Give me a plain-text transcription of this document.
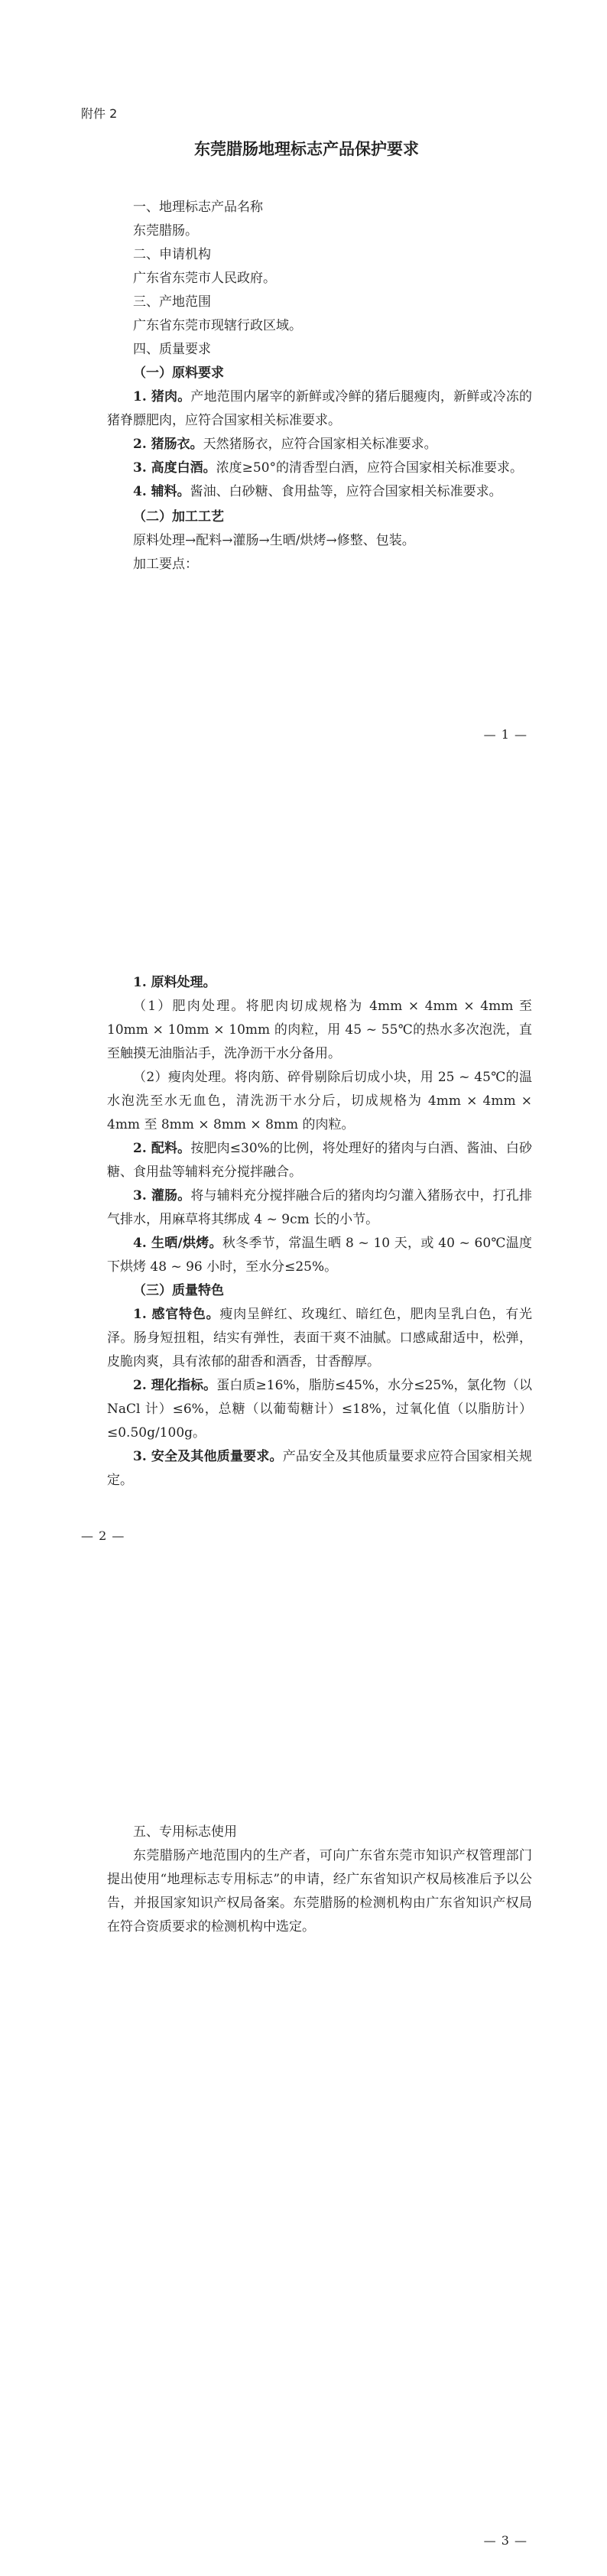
附件 2
东莞腊肠地理标志产品保护要求

一、地理标志产品名称

东莞腊肠。

二、申请机构

广东省东莞市人民政府。

三、产地范围

广东省东莞市现辖行政区域。

四、质量要求

（一）原料要求

1. 猪肉。产地范围内屠宰的新鲜或冷鲜的猪后腿瘦肉，新鲜或冷冻的猪脊膘肥肉，应符合国家相关标准要求。

2. 猪肠衣。天然猪肠衣，应符合国家相关标准要求。

3. 高度白酒。浓度≥50°的清香型白酒，应符合国家相关标准要求。

4. 辅料。酱油、白砂糖、食用盐等，应符合国家相关标准要求。

（二）加工工艺

原料处理→配料→灌肠→生晒/烘烤→修整、包装。

加工要点：

— 1 —

1. 原料处理。

（1）肥肉处理。将肥肉切成规格为 4mm × 4mm × 4mm 至 10mm × 10mm × 10mm 的肉粒，用 45 ~ 55℃的热水多次泡洗，直至触摸无油脂沾手，洗净沥干水分备用。

（2）瘦肉处理。将肉筋、碎骨剔除后切成小块，用 25 ~ 45℃的温水泡洗至水无血色，清洗沥干水分后，切成规格为 4mm × 4mm × 4mm 至 8mm × 8mm × 8mm 的肉粒。

2. 配料。按肥肉≤30%的比例，将处理好的猪肉与白酒、酱油、白砂糖、食用盐等辅料充分搅拌融合。

3. 灌肠。将与辅料充分搅拌融合后的猪肉均匀灌入猪肠衣中，打孔排气排水，用麻草将其绑成 4 ~ 9cm 长的小节。

4. 生晒/烘烤。秋冬季节，常温生晒 8 ~ 10 天，或 40 ~ 60℃温度下烘烤 48 ~ 96 小时，至水分≤25%。

（三）质量特色

1. 感官特色。瘦肉呈鲜红、玫瑰红、暗红色，肥肉呈乳白色，有光泽。肠身短扭粗，结实有弹性，表面干爽不油腻。口感咸甜适中，松弹，皮脆肉爽，具有浓郁的甜香和酒香，甘香醇厚。

2. 理化指标。蛋白质≥16%，脂肪≤45%，水分≤25%，氯化物（以 NaCl 计）≤6%，总糖（以葡萄糖计）≤18%，过氧化值（以脂肪计）≤0.50g/100g。

3. 安全及其他质量要求。产品安全及其他质量要求应符合国家相关规定。

— 2 —

五、专用标志使用

东莞腊肠产地范围内的生产者，可向广东省东莞市知识产权管理部门提出使用“地理标志专用标志”的申请，经广东省知识产权局核准后予以公告，并报国家知识产权局备案。东莞腊肠的检测机构由广东省知识产权局在符合资质要求的检测机构中选定。

— 3 —
